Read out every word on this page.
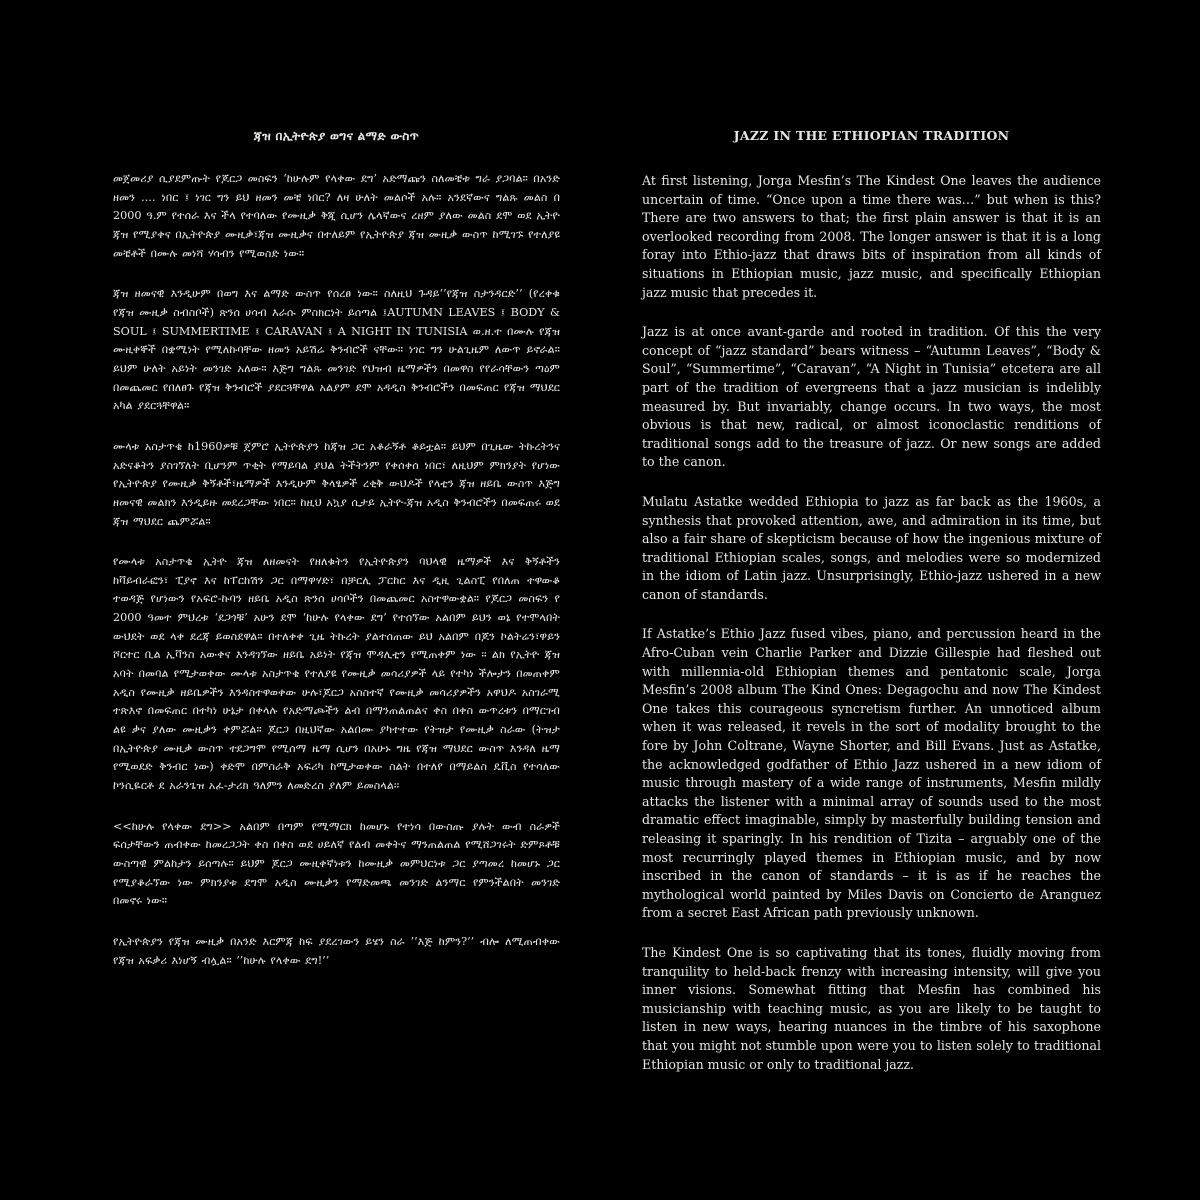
ጃዝ በኢትዮጵያ ወግና ልማድ ውስጥ

መጀመሪያ ሲያደምጡት የጆርጋ መስፍን ‘ከሁሉም የላቀው ደግ’ አድማጩን ስለመቼቱ ግራ ያጋባል። በአንድ ዘመን .... ነበር ፤ ነገር ግን ይህ ዘመን መቼ ነበር? ለዛ ሁለት መልሶች አሉ። አንደኛውና ግልጹ መልስ በ 2000 ዓ.ም የተሰራ እና ችላ የተባለው የሙዚቃ ቅጂ ሲሆን ሌላኛውና ረዘም ያለው መልስ ደሞ ወደ ኢትዮ ጃዝ የሚያቀና በኢትዮጵያ ሙዚቃ፣ጃዝ ሙዚቃና በተለይም የኢትዮጵያ ጃዝ ሙዚቃ ውስጥ ከሚገኙ የተለያዩ መቼቶች በሙሉ መነሻ ሃሳብን የሚወስድ ነው።

ጃዝ ዘመናዊ እንዲሁም በወግ እና ልማድ ውስጥ የሰረፀ ነው። ስለዚህ ጉዳይ‘’የጃዝ ስታንዳርድ’’ (የረቀቁ የጃዝ ሙዚቃ ስብስቦች) ጽንሰ ሀሳብ እራሱ ምስክርነት ይሰጣል ፤AUTUMN LEAVES ፤ BODY & SOUL ፤ SUMMERTIME ፤ CARAVAN ፤ A NIGHT IN TUNISIA ወ.ዘ.ተ በሙሉ የጃዝ ሙዚቀኞች በቋሚነት የሚለኩባቸው ዘመን አይሽሬ ቅንብሮች ናቸው። ነገር ግን ሁልጊዜም ለውጥ ይኖራል። ይህም ሁለት አይነት መንገድ አለው። እጅግ ግልጹ መንገድ የህዝብ ዜማዎችን በመዋስ የየራሳቸውን ጣዕም በመጨመር የበለፀጉ የጃዝ ቅንብሮች ያደርጓቸዋል አልያም ደሞ አዳዲስ ቅንብሮችን በመፍጠር የጃዝ ማህደር አካል ያደርጓቸዋል።

ሙላቱ አስታጥቄ ከ1960ዎቹ ጀምሮ ኢትዮጵያን ከጃዝ ጋር አቆራኝቶ ቆይቷል። ይህም በጊዜው ትኩረትንና አድናቆትን ያስገኘለት ቢሆንም ጥቂት የማይባል ያህል ትችትንም የቀሰቀሰ ነበር፣ ለዚህም ምክንያት የሆነው የኢትዮጵያ የሙዚቃ ቅኝቶች፣ዜማዎች እንዲሁም ቅላፄዎች ረቂቅ ውህዶች የላቲን ጃዝ ዘይቤ ውስጥ እጅግ ዘመናዊ መልክን እንዲይዙ መደረጋቸው ነበር። ከዚህ አኳያ ሲታይ ኢትዮ-ጃዝ አዲስ ቅንብሮችን በመፍጠሩ ወደ ጃዝ ማህደር ጨምሯል።

የሙላቱ አስታጥቄ ኢትዮ ጃዝ ለዘመናት የዘለቁትን የኢትዮጵያን ባህላዊ ዜማዎች እና ቅኝቶችን ከቫይብራፎን፣ ፒያኖ እና ከፐርከሽን ጋር በማዋሃድ፣ በቻርሊ ፓርከር እና ዲዚ ጊልስፒ የበለጠ ተዋውቆ ተወዳጅ የሆነውን የአፍሮ-ኩባን ዘይቤ አዲስ ጽንሰ ሀሳቦችን በመጨመር አስተዋውቋል። የጆርጋ መስፍን የ 2000 ዓመተ ምህረቱ ‘ደጋጎቹ’ አሁን ደሞ ‘ከሁሉ የላቀው ደግ’ የተሰኘው አልበም ይህን ወኔ የተሞላበት ውህደት ወደ ላቀ ደረጃ ይወስደዋል። በተለቀቀ ጊዜ ትኩረት ያልተሰጠው ይህ አልበም በጆን ኮልትሬን፣ዋይን ሾርተር ቢል ኢቫንስ አውቀና እንዳገኘው ዘይቤ አይነት የጃዝ ሞዳሊቲን የሚጠቀም ነው ፡፡ ልክ የኢትዮ ጃዝ አባት በመባል የሚታወቀው ሙላቱ አስታጥቄ የተለያዩ የሙዚቃ መሳሪያዎች ላይ የተካነ ችሎታን በመጠቀም አዲስ የሙዚቃ ዘይቤዎችን እንዳስተዋወቀው ሁሉ፣ጆርጋ አስስተኛ የሙዚቃ መሳሪያዎችን አዋህዶ አስገራሚ ተጽእኖ በመፍጠር በተካነ ሁኔታ በቀላሉ የአድማጮችን ልብ በማንጠልጠልና ቀስ በቀስ ውጥረቱን በማርገብ ልዩ ቃና ያለው ሙዚቃን ቀምሯል። ጆርጋ በዚህኛው አልበሙ ያካተተው የትዝታ የሙዚቃ ስራው (ትዝታ በኢትዮጵያ ሙዚቃ ውስጥ ተደጋግሞ የሚሰማ ዜማ ሲሆን በአሁኑ ግዜ የጃዝ ማህደር ውስጥ እንዳለ ዜማ የሚወደድ ቅንብር ነው) ቀድሞ በምስራቅ አፍሪካ ከሚታወቀው ስልት በተለየ በማይልስ ዴቪስ የተሳለው ኮንሲዬርቶ ደ አራንጌዝ አፈ-ታሪክ ዓለምን ለመድረስ ያለም ይመስላል፡፡

<<ከሁሉ የላቀው ደግ>> አልበም በጣም የሚማርክ ከመሆኑ የተነሳ በውስጡ ያሉት ውብ ስራዎች ፍሰታቸውን ጠብቀው ከመረጋጋት ቀስ በቀስ ወደ ሀይለኛ የልብ መቀትና ማንጠልጠል የሚሸጋገሩት ድምጾቶቹ ውስጣዊ ምልከታን ይሰጣሉ። ይህም ጆርጋ ሙዚቀኛነቱን ከሙዚቃ መምህርነቱ ጋር ያጣመረ ከመሆኑ ጋር የሚያቆራኘው ነው ምክንያቱ ደግሞ አዲስ ሙዚቃን የማድመጫ መንገድ ልንማር የምንችልበት መንገድ በመኖሩ ነው።

የኢትዮጵያን የጃዝ ሙዚቃ በአንድ እርምጃ ከፍ ያደረገውን ይሄን ስራ ’’እጅ ከምን?’’ ብሎ ለሚጠብቀው የጃዝ አፍቃሪ እነሆኝ ብሏል። ’’ከሁሉ የላቀው ደግ!’’

JAZZ IN THE ETHIOPIAN TRADITION

At first listening, Jorga Mesfin’s The Kindest One leaves the audience uncertain of time. “Once upon a time there was…” but when is this? There are two answers to that; the first plain answer is that it is an overlooked recording from 2008. The longer answer is that it is a long foray into Ethio-jazz that draws bits of inspiration from all kinds of situations in Ethiopian music, jazz music, and specifically Ethiopian jazz music that precedes it.

Jazz is at once avant-garde and rooted in tradition. Of this the very concept of “jazz standard” bears witness – “Autumn Leaves”, “Body & Soul”, “Summertime”, “Caravan”, “A Night in Tunisia” etcetera are all part of the tradition of evergreens that a jazz musician is indelibly measured by. But invariably, change occurs. In two ways, the most obvious is that new, radical, or almost iconoclastic renditions of traditional songs add to the treasure of jazz. Or new songs are added to the canon.

Mulatu Astatke wedded Ethiopia to jazz as far back as the 1960s, a synthesis that provoked attention, awe, and admiration in its time, but also a fair share of skepticism because of how the ingenious mixture of traditional Ethiopian scales, songs, and melodies were so modernized in the idiom of Latin jazz. Unsurprisingly, Ethio-jazz ushered in a new canon of standards.

If Astatke’s Ethio Jazz fused vibes, piano, and percussion heard in the Afro-Cuban vein Charlie Parker and Dizzie Gillespie had fleshed out with millennia-old Ethiopian themes and pentatonic scale, Jorga Mesfin’s 2008 album The Kind Ones: Degagochu and now The Kindest One takes this courageous syncretism further. An unnoticed album when it was released, it revels in the sort of modality brought to the fore by John Coltrane, Wayne Shorter, and Bill Evans. Just as Astatke, the acknowledged godfather of Ethio Jazz ushered in a new idiom of music through mastery of a wide range of instruments, Mesfin mildly attacks the listener with a minimal array of sounds used to the most dramatic effect imaginable, simply by masterfully building tension and releasing it sparingly. In his rendition of Tizita – arguably one of the most recurringly played themes in Ethiopian music, and by now inscribed in the canon of standards – it is as if he reaches the mythological world painted by Miles Davis on Concierto de Aranguez from a secret East African path previously unknown.

The Kindest One is so captivating that its tones, fluidly moving from tranquility to held-back frenzy with increasing intensity, will give you inner visions. Somewhat fitting that Mesfin has combined his musicianship with teaching music, as you are likely to be taught to listen in new ways, hearing nuances in the timbre of his saxophone that you might not stumble upon were you to listen solely to traditional Ethiopian music or only to traditional jazz.
